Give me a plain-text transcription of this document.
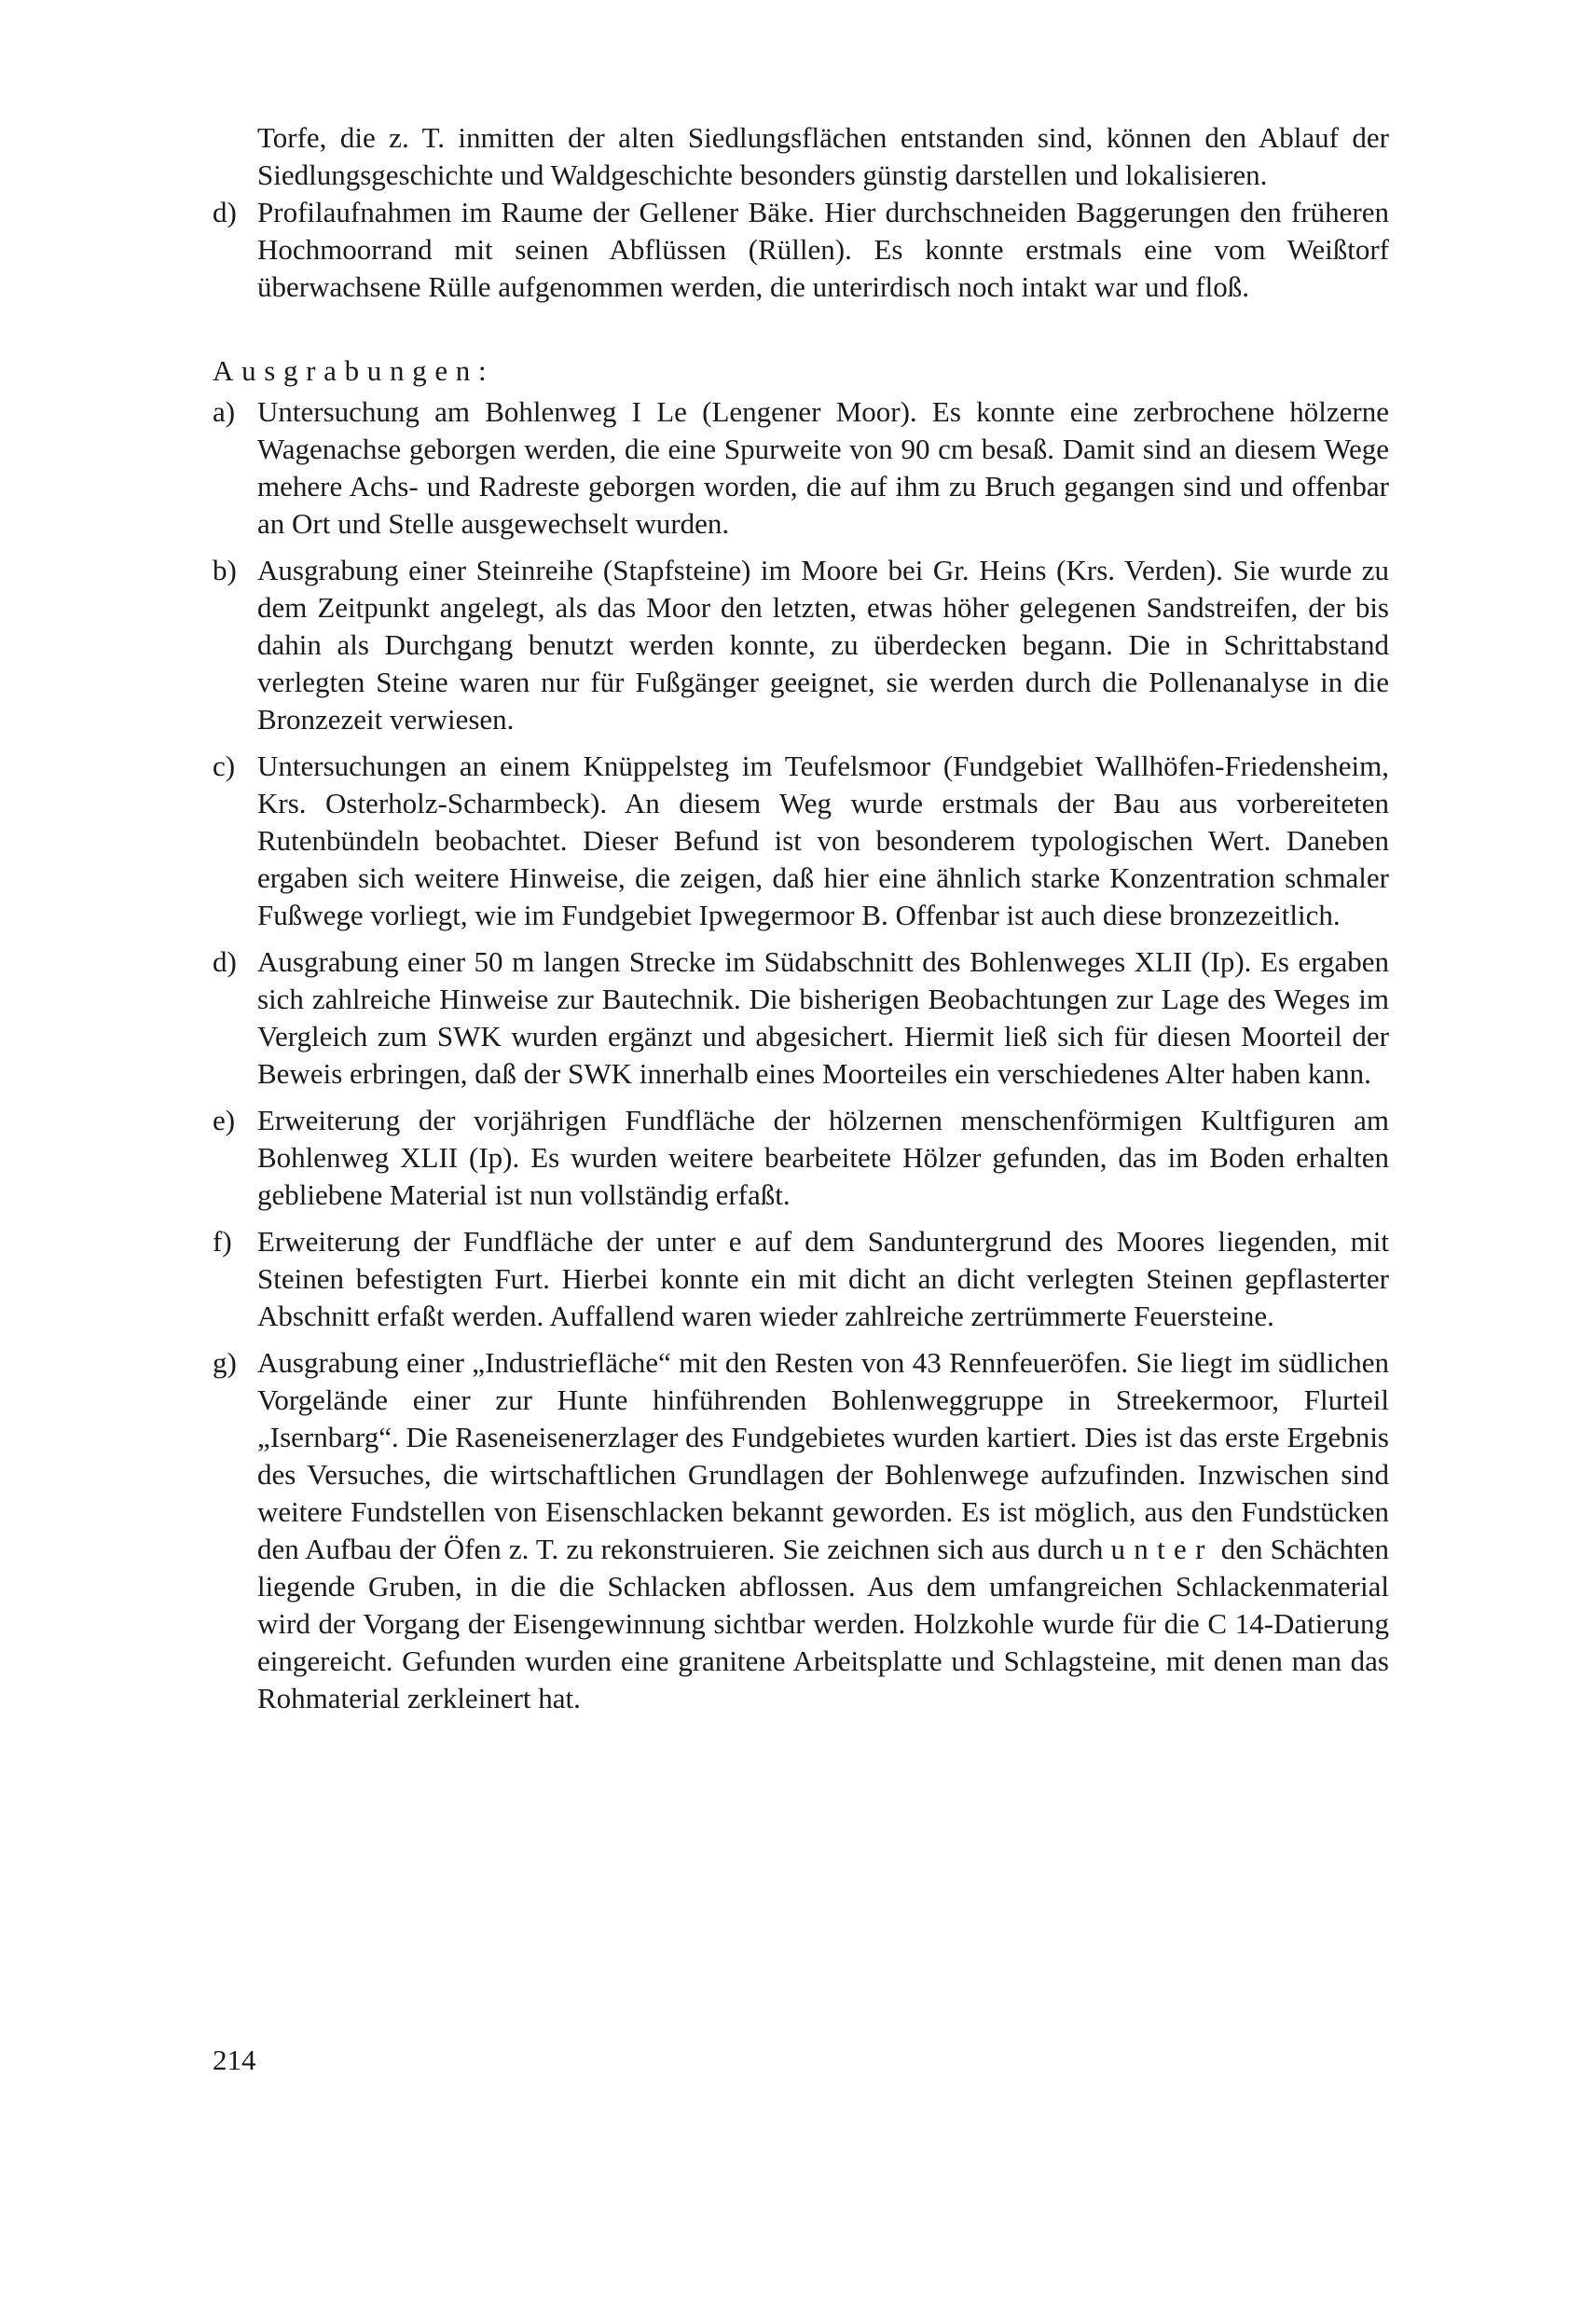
Torfe, die z. T. inmitten der alten Siedlungsflächen entstanden sind, können den Ablauf der Siedlungsgeschichte und Waldgeschichte besonders günstig darstellen und lokalisieren.

d) Profilaufnahmen im Raume der Gellener Bäke. Hier durchschneiden Baggerungen den früheren Hochmoorrand mit seinen Abflüssen (Rüllen). Es konnte erstmals eine vom Weißtorf überwachsene Rülle aufgenommen werden, die unterirdisch noch intakt war und floß.
Ausgrabungen:
a) Untersuchung am Bohlenweg I Le (Lengener Moor). Es konnte eine zerbrochene hölzerne Wagenachse geborgen werden, die eine Spurweite von 90 cm besaß. Damit sind an diesem Wege mehere Achs- und Radreste geborgen worden, die auf ihm zu Bruch gegangen sind und offenbar an Ort und Stelle ausgewechselt wurden.
b) Ausgrabung einer Steinreihe (Stapfsteine) im Moore bei Gr. Heins (Krs. Verden). Sie wurde zu dem Zeitpunkt angelegt, als das Moor den letzten, etwas höher gelegenen Sandstreifen, der bis dahin als Durchgang benutzt werden konnte, zu überdecken begann. Die in Schrittabstand verlegten Steine waren nur für Fußgänger geeignet, sie werden durch die Pollenanalyse in die Bronzezeit verwiesen.
c) Untersuchungen an einem Knüppelsteg im Teufelsmoor (Fundgebiet Wallhöfen-Friedensheim, Krs. Osterholz-Scharmbeck). An diesem Weg wurde erstmals der Bau aus vorbereiteten Rutenbündeln beobachtet. Dieser Befund ist von besonderem typologischen Wert. Daneben ergaben sich weitere Hinweise, die zeigen, daß hier eine ähnlich starke Konzentration schmaler Fußwege vorliegt, wie im Fundgebiet Ipwegermoor B. Offenbar ist auch diese bronzezeitlich.
d) Ausgrabung einer 50 m langen Strecke im Südabschnitt des Bohlenweges XLII (Ip). Es ergaben sich zahlreiche Hinweise zur Bautechnik. Die bisherigen Beobachtungen zur Lage des Weges im Vergleich zum SWK wurden ergänzt und abgesichert. Hiermit ließ sich für diesen Moorteil der Beweis erbringen, daß der SWK innerhalb eines Moorteiles ein verschiedenes Alter haben kann.
e) Erweiterung der vorjährigen Fundfläche der hölzernen menschenförmigen Kultfiguren am Bohlenweg XLII (Ip). Es wurden weitere bearbeitete Hölzer gefunden, das im Boden erhalten gebliebene Material ist nun vollständig erfaßt.
f) Erweiterung der Fundfläche der unter e auf dem Sanduntergrund des Moores liegenden, mit Steinen befestigten Furt. Hierbei konnte ein mit dicht an dicht verlegten Steinen gepflasterter Abschnitt erfaßt werden. Auffallend waren wieder zahlreiche zertrümmerte Feuersteine.
g) Ausgrabung einer „Industriefläche“ mit den Resten von 43 Rennfeueröfen. Sie liegt im südlichen Vorgelände einer zur Hunte hinführenden Bohlenweggruppe in Streekermoor, Flurteil „Isernbarg“. Die Raseneisenerzlager des Fundgebietes wurden kartiert. Dies ist das erste Ergebnis des Versuches, die wirtschaftlichen Grundlagen der Bohlenwege aufzufinden. Inzwischen sind weitere Fundstellen von Eisenschlacken bekannt geworden. Es ist möglich, aus den Fundstücken den Aufbau der Öfen z. T. zu rekonstruieren. Sie zeichnen sich aus durch unter den Schächten liegende Gruben, in die die Schlacken abflossen. Aus dem umfangreichen Schlackenmaterial wird der Vorgang der Eisengewinnung sichtbar werden. Holzkohle wurde für die C 14-Datierung eingereicht. Gefunden wurden eine granitene Arbeitsplatte und Schlagsteine, mit denen man das Rohmaterial zerkleinert hat.
214
